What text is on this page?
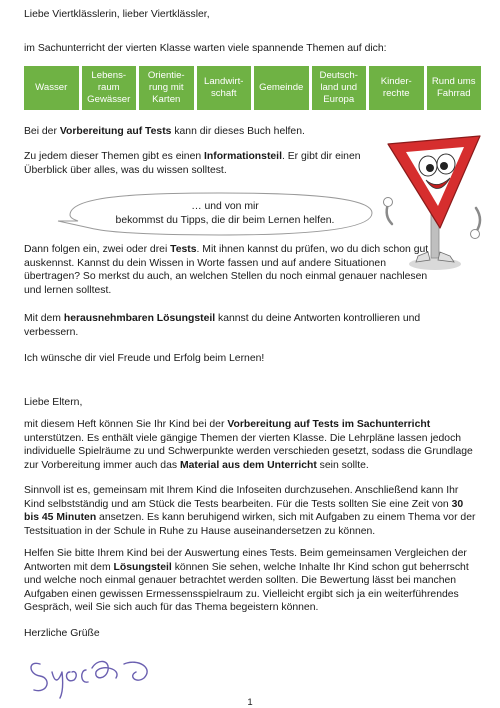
Liebe Viertklässlerin, lieber Viertklässler,

im Sachunterricht der vierten Klasse warten viele spannende Themen auf dich:

Wasser
Lebens-
raum
Gewässer
Orientie-
rung mit
Karten
Landwirt-
schaft
Gemeinde
Deutsch-
land und
Europa
Kinder-
rechte
Rund ums
Fahrrad

Bei der Vorbereitung auf Tests kann dir dieses Buch helfen.

Zu jedem dieser Themen gibt es einen Informationsteil. Er gibt dir einen Überblick über alles, was du wissen solltest.

… und von mir
bekommst du Tipps, die dir beim Lernen helfen.

Dann folgen ein, zwei oder drei Tests. Mit ihnen kannst du prüfen, wo du dich schon gut auskennst. Kannst du dein Wissen in Worte fassen und auf andere Situationen übertragen? So merkst du auch, an welchen Stellen du noch einmal genauer nachlesen und lernen solltest.

Mit dem herausnehmbaren Lösungsteil kannst du deine Antworten kontrollieren und verbessern.

Ich wünsche dir viel Freude und Erfolg beim Lernen!

Liebe Eltern,

mit diesem Heft können Sie Ihr Kind bei der Vorbereitung auf Tests im Sachunterricht unterstützen. Es enthält viele gängige Themen der vierten Klasse. Die Lehrpläne lassen jedoch individuelle Spielräume zu und Schwerpunkte werden verschieden gesetzt, sodass die Grundlage zur Vorbereitung immer auch das Material aus dem Unterricht sein sollte.

Sinnvoll ist es, gemeinsam mit Ihrem Kind die Infoseiten durchzusehen. Anschließend kann Ihr Kind selbstständig und am Stück die Tests bearbeiten. Für die Tests sollten Sie eine Zeit von 30 bis 45 Minuten ansetzen. Es kann beruhigend wirken, sich mit Aufgaben zu einem Thema vor der Testsituation in der Schule in Ruhe zu Hause auseinandersetzen zu können.

Helfen Sie bitte Ihrem Kind bei der Auswertung eines Tests. Beim gemeinsamen Vergleichen der Antworten mit dem Lösungsteil können Sie sehen, welche Inhalte Ihr Kind schon gut beherrscht und welche noch einmal genauer betrachtet werden sollten. Die Bewertung lässt bei manchen Aufgaben einen gewissen Ermessensspielraum zu. Vielleicht ergibt sich ja ein weiterführendes Gespräch, weil Sie sich auch für das Thema begeistern können.

Herzliche Grüße

1
